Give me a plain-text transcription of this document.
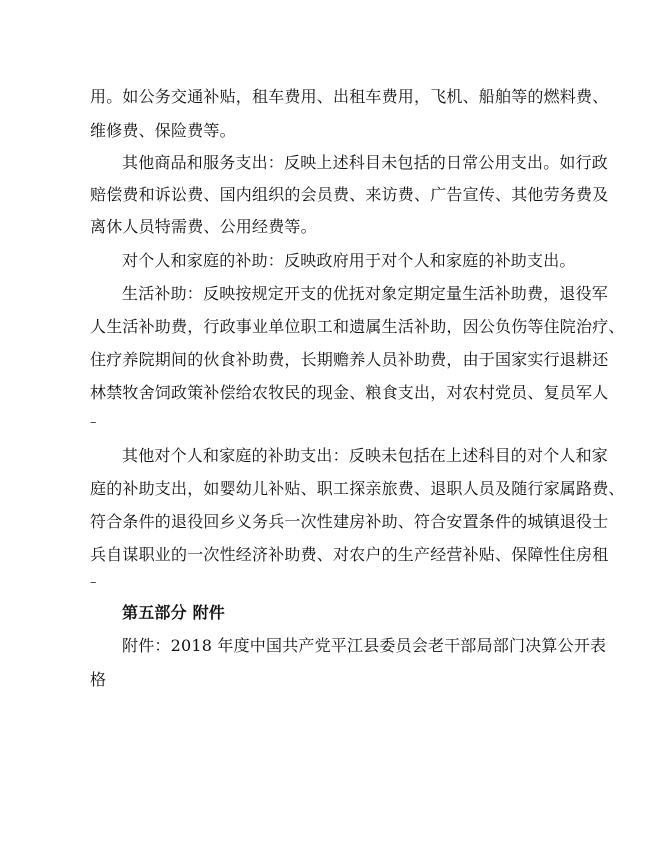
用。如公务交通补贴，租车费用、出租车费用，飞机、船舶等的燃料费、
维修费、保险费等。
其他商品和服务支出：反映上述科目未包括的日常公用支出。如行政
赔偿费和诉讼费、国内组织的会员费、来访费、广告宣传、其他劳务费及
离休人员特需费、公用经费等。
对个人和家庭的补助：反映政府用于对个人和家庭的补助支出。
生活补助：反映按规定开支的优抚对象定期定量生活补助费，退役军
人生活补助费，行政事业单位职工和遗属生活补助，因公负伤等住院治疗、
住疗养院期间的伙食补助费，长期赡养人员补助费，由于国家实行退耕还
林禁牧舍饲政策补偿给农牧民的现金、粮食支出，对农村党员、复员军人
–
其他对个人和家庭的补助支出：反映未包括在上述科目的对个人和家
庭的补助支出，如婴幼儿补贴、职工探亲旅费、退职人员及随行家属路费、
符合条件的退役回乡义务兵一次性建房补助、符合安置条件的城镇退役士
兵自谋职业的一次性经济补助费、对农户的生产经营补贴、保障性住房租
–
第五部分 附件
附件：2018 年度中国共产党平江县委员会老干部局部门决算公开表
格
